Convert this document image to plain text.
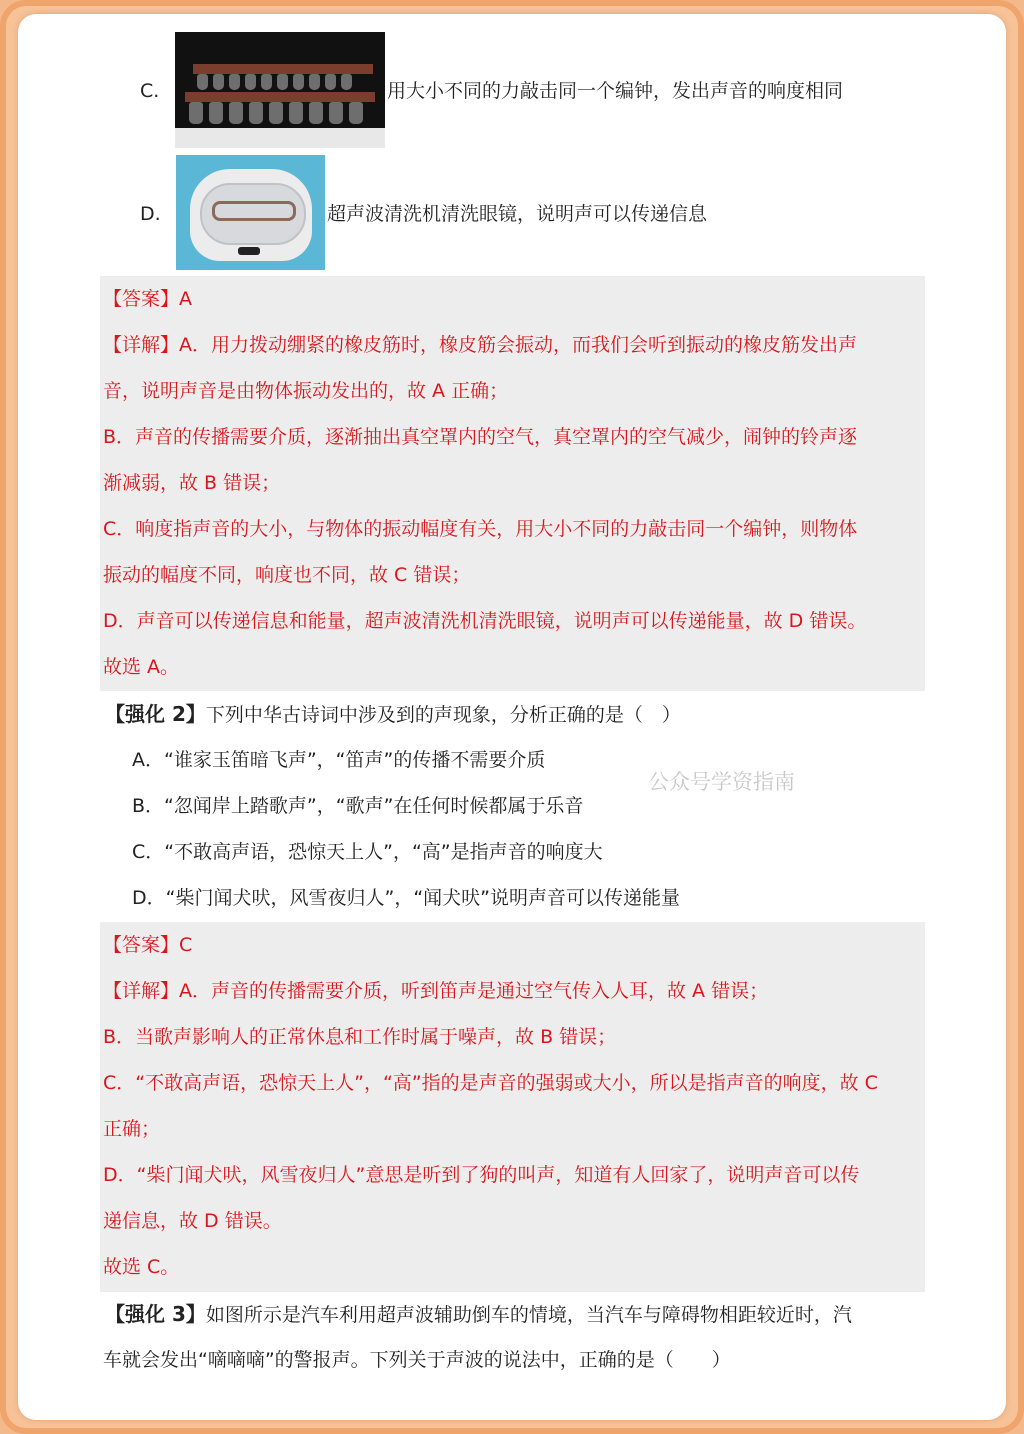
C.	用大小不同的力敲击同一个编钟，发出声音的响度相同
D.	超声波清洗机清洗眼镜，说明声可以传递信息
【答案】A
【详解】A．用力拨动绷紧的橡皮筋时，橡皮筋会振动，而我们会听到振动的橡皮筋发出声
音，说明声音是由物体振动发出的，故 A 正确；
B．声音的传播需要介质，逐渐抽出真空罩内的空气，真空罩内的空气减少，闹钟的铃声逐
渐减弱，故 B 错误；
C．响度指声音的大小，与物体的振动幅度有关，用大小不同的力敲击同一个编钟，则物体
振动的幅度不同，响度也不同，故 C 错误；
D．声音可以传递信息和能量，超声波清洗机清洗眼镜，说明声可以传递能量，故 D 错误。
故选 A。
【强化 2】下列中华古诗词中涉及到的声现象，分析正确的是（　）
A．“谁家玉笛暗飞声”，“笛声”的传播不需要介质
B．“忽闻岸上踏歌声”，“歌声”在任何时候都属于乐音
C．“不敢高声语，恐惊天上人”，“高”是指声音的响度大
D．“柴门闻犬吠，风雪夜归人”，“闻犬吠”说明声音可以传递能量
公众号学资指南
【答案】C
【详解】A．声音的传播需要介质，听到笛声是通过空气传入人耳，故 A 错误；
B．当歌声影响人的正常休息和工作时属于噪声，故 B 错误；
C．“不敢高声语，恐惊天上人”，“高”指的是声音的强弱或大小，所以是指声音的响度，故 C
正确；
D．“柴门闻犬吠，风雪夜归人”意思是听到了狗的叫声，知道有人回家了，说明声音可以传
递信息，故 D 错误。
故选 C。
【强化 3】如图所示是汽车利用超声波辅助倒车的情境，当汽车与障碍物相距较近时，汽
车就会发出“嘀嘀嘀”的警报声。下列关于声波的说法中，正确的是（　　）
